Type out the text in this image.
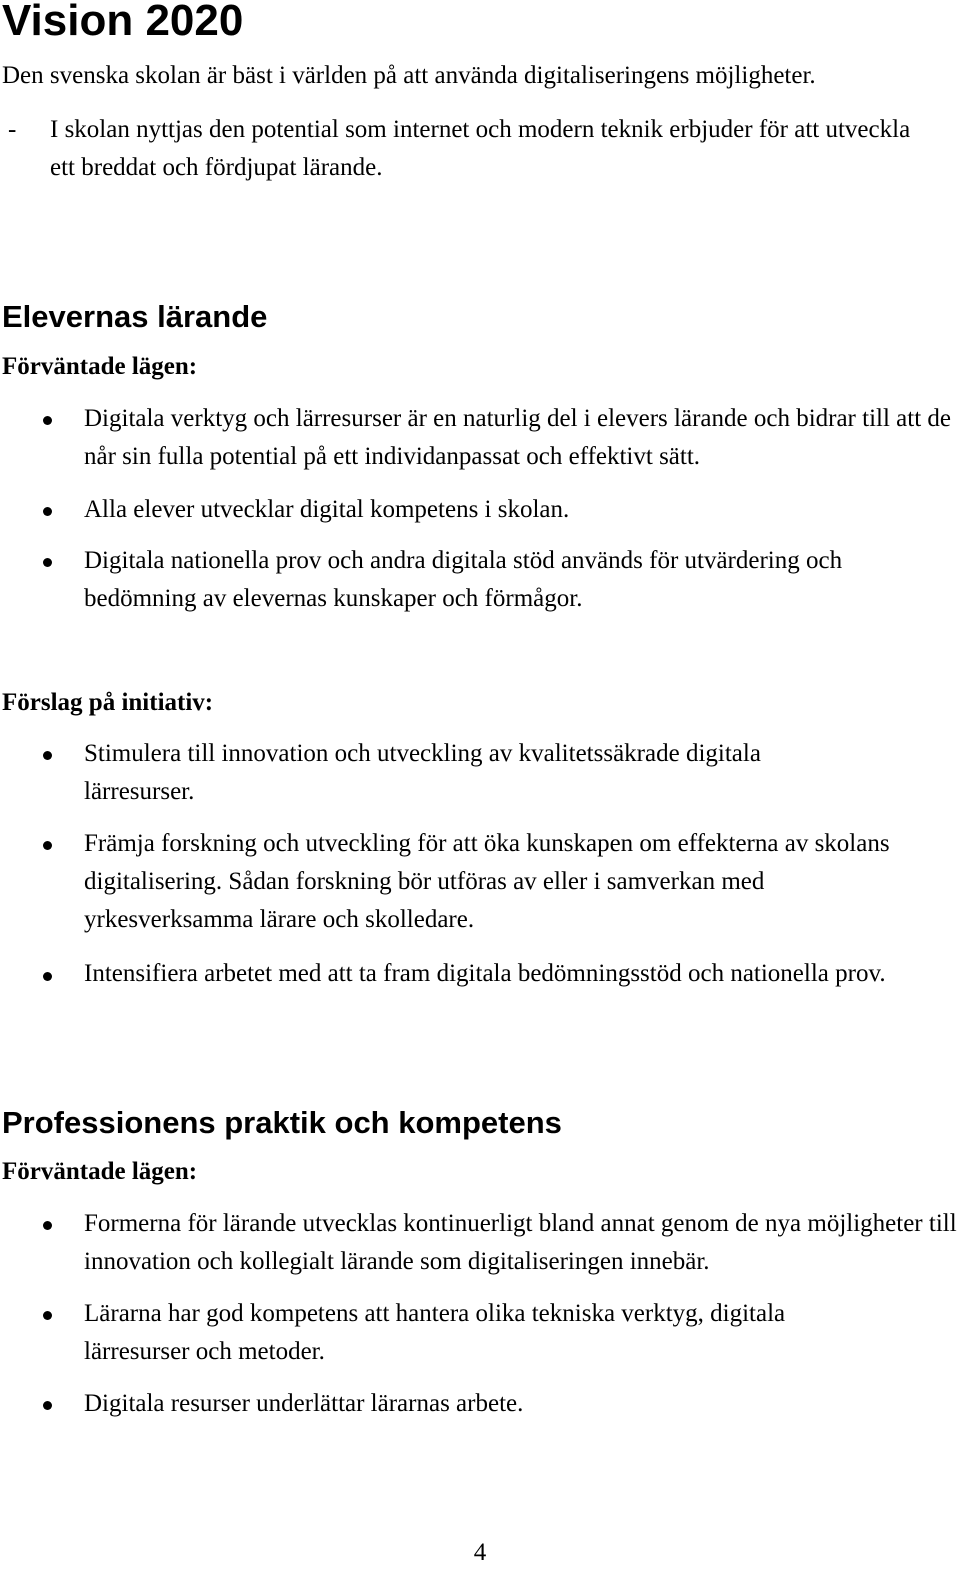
Vision 2020

Den svenska skolan är bäst i världen på att använda digitaliseringens möjligheter.

- I skolan nyttjas den potential som internet och modern teknik erbjuder för att utveckla ett breddat och fördjupat lärande.
Elevernas lärande
Förväntade lägen:
Digitala verktyg och lärresurser är en naturlig del i elevers lärande och bidrar till att de når sin fulla potential på ett individanpassat och effektivt sätt.
Alla elever utvecklar digital kompetens i skolan.
Digitala nationella prov och andra digitala stöd används för utvärdering och bedömning av elevernas kunskaper och förmågor.
Förslag på initiativ:
Stimulera till innovation och utveckling av kvalitetssäkrade digitala lärresurser.
Främja forskning och utveckling för att öka kunskapen om effekterna av skolans digitalisering. Sådan forskning bör utföras av eller i samverkan med yrkesverksamma lärare och skolledare.
Intensifiera arbetet med att ta fram digitala bedömningsstöd och nationella prov.
Professionens praktik och kompetens
Förväntade lägen:
Formerna för lärande utvecklas kontinuerligt bland annat genom de nya möjligheter till innovation och kollegialt lärande som digitaliseringen innebär.
Lärarna har god kompetens att hantera olika tekniska verktyg, digitala lärresurser och metoder.
Digitala resurser underlättar lärarnas arbete.
4
